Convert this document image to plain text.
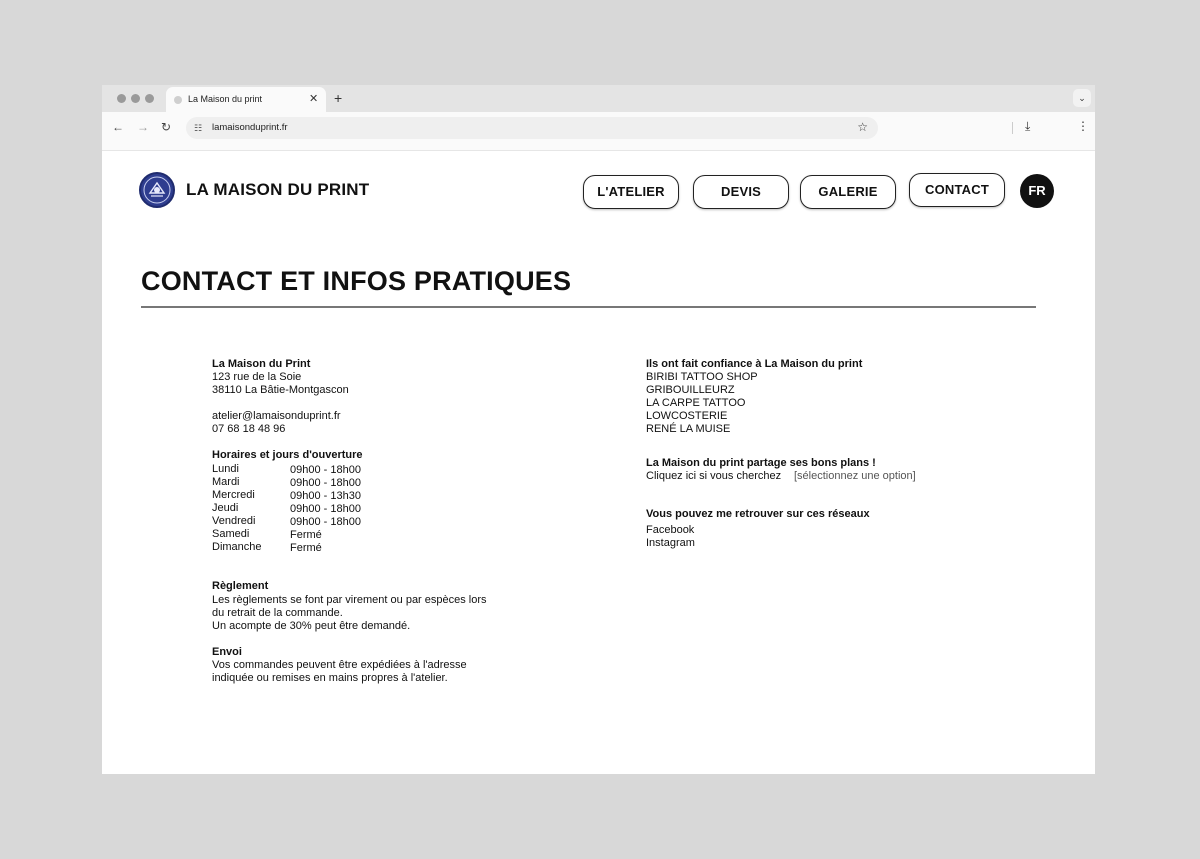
La Maison du print	✕ +	⌄
← → ↻	☷ lamaisonduprint.fr	☆	⤓	⋮
LA MAISON DU PRINT	L'ATELIER	DEVIS	GALERIE	CONTACT	FR
CONTACT ET INFOS PRATIQUES
La Maison du Print
123 rue de la Soie
38110 La Bâtie-Montgascon
atelier@lamaisonduprint.fr
07 68 18 48 96
Horaires et jours d'ouverture
Lundi	09h00 - 18h00
Mardi	09h00 - 18h00
Mercredi	09h00 - 13h30
Jeudi	09h00 - 18h00
Vendredi	09h00 - 18h00
Samedi	Fermé
Dimanche	Fermé
Règlement
Les règlements se font par virement ou par espèces lors
du retrait de la commande.
Un acompte de 30% peut être demandé.
Envoi
Vos commandes peuvent être expédiées à l'adresse
indiquée ou remises en mains propres à l'atelier.
Ils ont fait confiance à La Maison du print
BIRIBI TATTOO SHOP
GRIBOUILLEURZ
LA CARPE TATTOO
LOWCOSTERIE
RENÉ LA MUISE
La Maison du print partage ses bons plans !
Cliquez ici si vous cherchez [sélectionnez une option]
Vous pouvez me retrouver sur ces réseaux
Facebook
Instagram
